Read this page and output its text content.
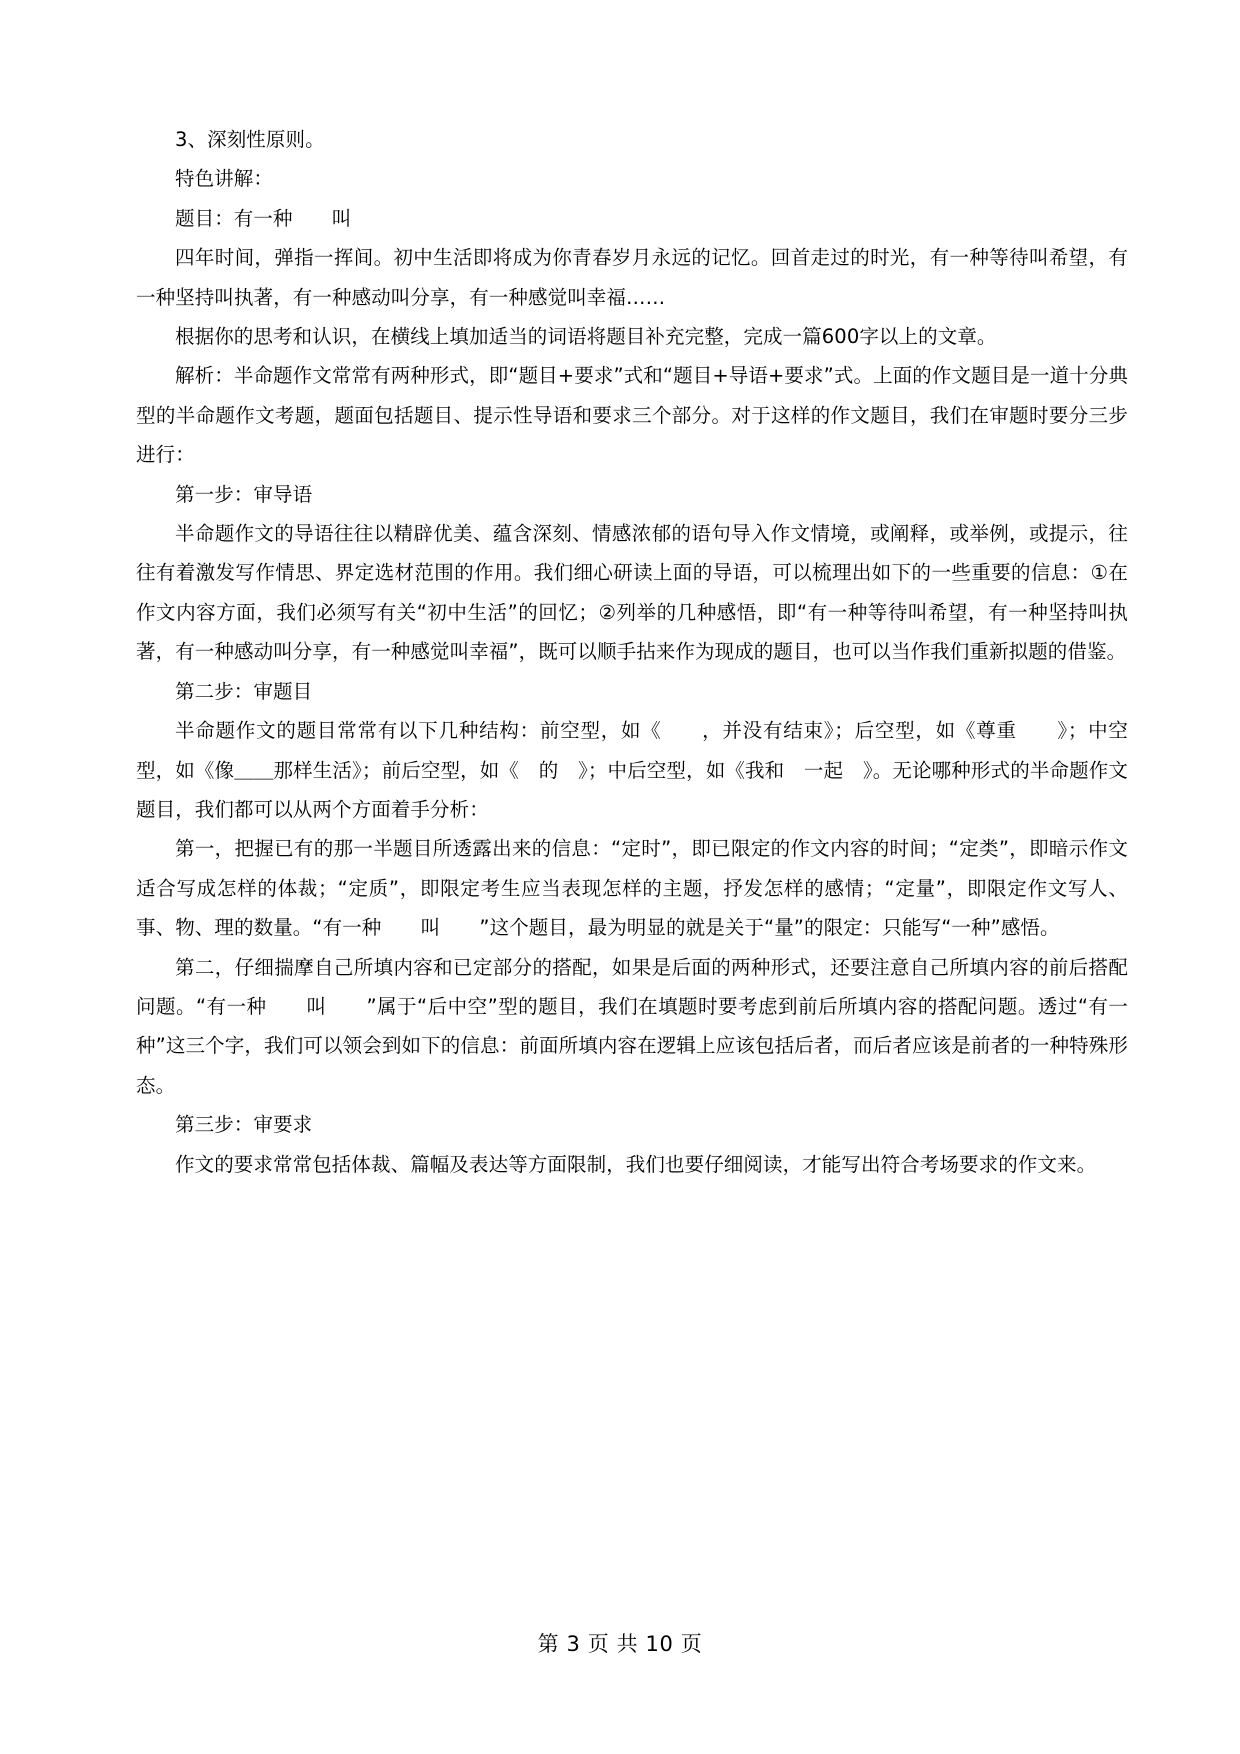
3、深刻性原则。

特色讲解：

题目：有一种　　叫

四年时间，弹指一挥间。初中生活即将成为你青春岁月永远的记忆。回首走过的时光，有一种等待叫希望，有一种坚持叫执著，有一种感动叫分享，有一种感觉叫幸福……

根据你的思考和认识，在横线上填加适当的词语将题目补充完整，完成一篇600字以上的文章。

解析：半命题作文常常有两种形式，即“题目+要求”式和“题目+导语+要求”式。上面的作文题目是一道十分典型的半命题作文考题，题面包括题目、提示性导语和要求三个部分。对于这样的作文题目，我们在审题时要分三步进行：

第一步：审导语

半命题作文的导语往往以精辟优美、蕴含深刻、情感浓郁的语句导入作文情境，或阐释，或举例，或提示，往往有着激发写作情思、界定选材范围的作用。我们细心研读上面的导语，可以梳理出如下的一些重要的信息：①在作文内容方面，我们必须写有关“初中生活”的回忆；②列举的几种感悟，即“有一种等待叫希望，有一种坚持叫执著，有一种感动叫分享，有一种感觉叫幸福”，既可以顺手拈来作为现成的题目，也可以当作我们重新拟题的借鉴。

第二步：审题目

半命题作文的题目常常有以下几种结构：前空型，如《　　，并没有结束》；后空型，如《尊重　　》；中空型，如《像＿＿那样生活》；前后空型，如《　的　》；中后空型，如《我和　一起　》。无论哪种形式的半命题作文题目，我们都可以从两个方面着手分析：

第一，把握已有的那一半题目所透露出来的信息：“定时”，即已限定的作文内容的时间；“定类”，即暗示作文适合写成怎样的体裁；“定质”，即限定考生应当表现怎样的主题，抒发怎样的感情；“定量”，即限定作文写人、事、物、理的数量。“有一种　　叫　　”这个题目，最为明显的就是关于“量”的限定：只能写“一种”感悟。

第二，仔细揣摩自己所填内容和已定部分的搭配，如果是后面的两种形式，还要注意自己所填内容的前后搭配问题。“有一种　　叫　　”属于“后中空”型的题目，我们在填题时要考虑到前后所填内容的搭配问题。透过“有一种”这三个字，我们可以领会到如下的信息：前面所填内容在逻辑上应该包括后者，而后者应该是前者的一种特殊形态。

第三步：审要求

作文的要求常常包括体裁、篇幅及表达等方面限制，我们也要仔细阅读，才能写出符合考场要求的作文来。

第 3 页 共 10 页
